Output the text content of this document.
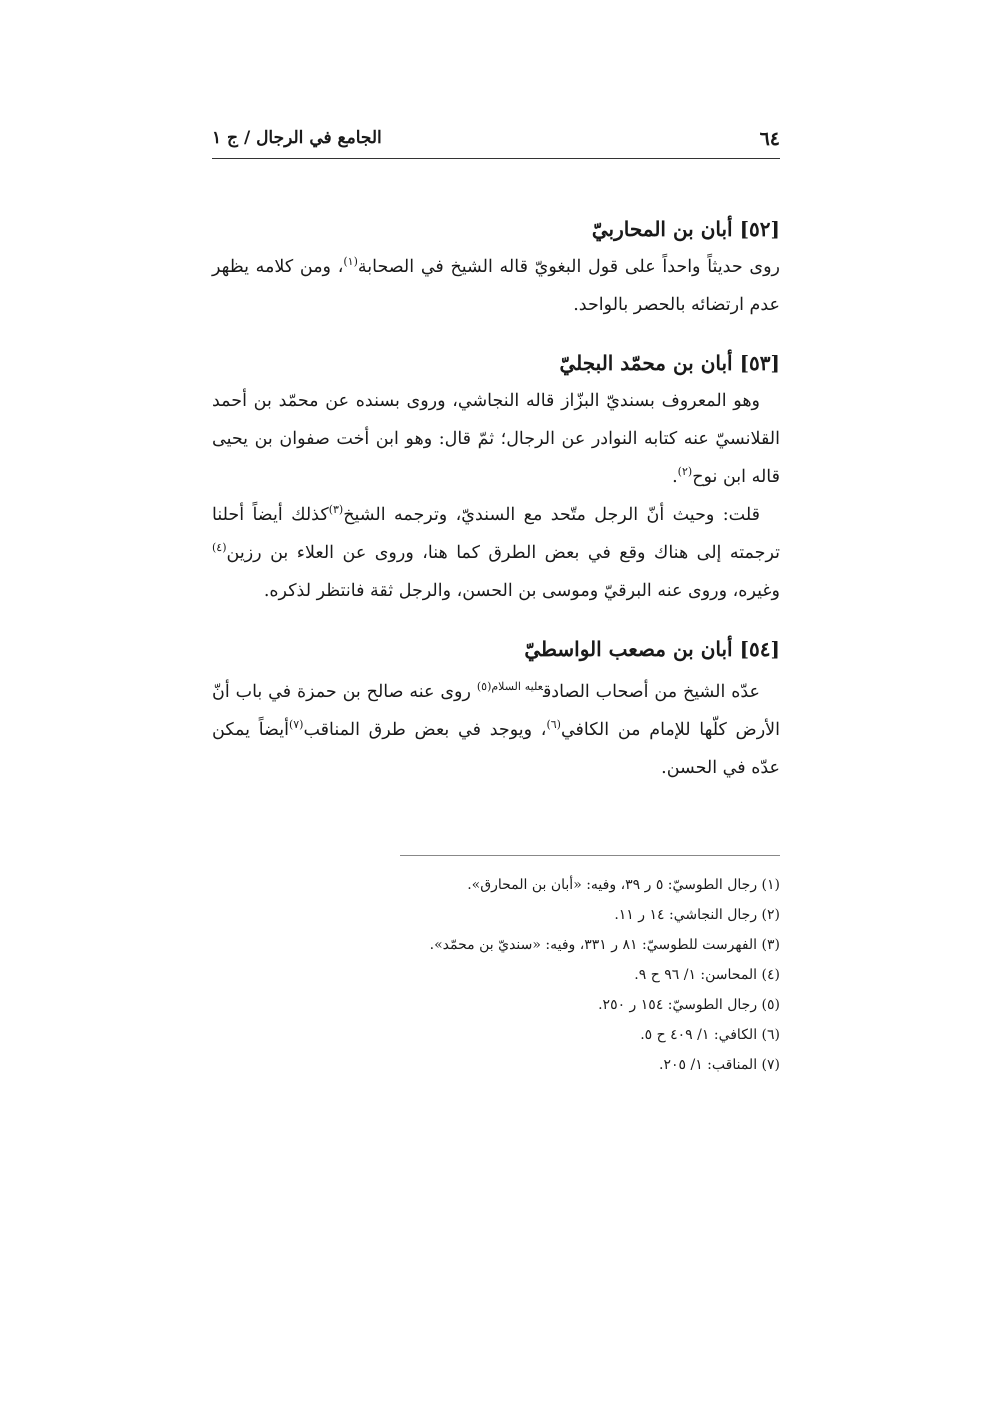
٦٤
الجامع في الرجال / ج ١

[٥٢] أبان بن المحاربيّ

روى حديثاً واحداً على قول البغويّ قاله الشيخ في الصحابة$^{(١)}$، ومن كلامه يظهر عدم ارتضائه بالحصر بالواحد.

[٥٣] أبان بن محمّد البجليّ

وهو المعروف بسنديّ البزّاز قاله النجاشي، وروى بسنده عن محمّد بن أحمد القلانسيّ عنه كتابه النوادر عن الرجال؛ ثمّ قال: وهو ابن أخت صفوان بن يحيى قاله ابن نوح$^{(٢)}$.

قلت: وحيث أنّ الرجل متّحد مع السنديّ، وترجمه الشيخ$^{(٣)}$كذلك أيضاً أحلنا ترجمته إلى هناك وقع في بعض الطرق كما هنا، وروى عن العلاء بن رزين$^{(٤)}$ وغيره، وروى عنه البرقيّ وموسى بن الحسن، والرجل ثقة فانتظر لذكره.

[٥٤] أبان بن مصعب الواسطيّ

عدّه الشيخ من أصحاب الصادق$^{عليه السلام(٥)}$ روى عنه صالح بن حمزة في باب أنّ الأرض كلّها للإمام من الكافي$^{(٦)}$، ويوجد في بعض طرق المناقب$^{(٧)}$أيضاً يمكن عدّه في الحسن.

(١) رجال الطوسيّ: ٥ ر ٣٩، وفيه: «أبان بن المحارق».

(٢) رجال النجاشي: ١٤ ر ١١.

(٣) الفهرست للطوسيّ: ٨١ ر ٣٣١، وفيه: «سنديّ بن محمّد».

(٤) المحاسن: ١/ ٩٦ ح ٩.

(٥) رجال الطوسيّ: ١٥٤ ر ٢٥٠.

(٦) الكافي: ١/ ٤٠٩ ح ٥.

(٧) المناقب: ١/ ٢٠٥.
